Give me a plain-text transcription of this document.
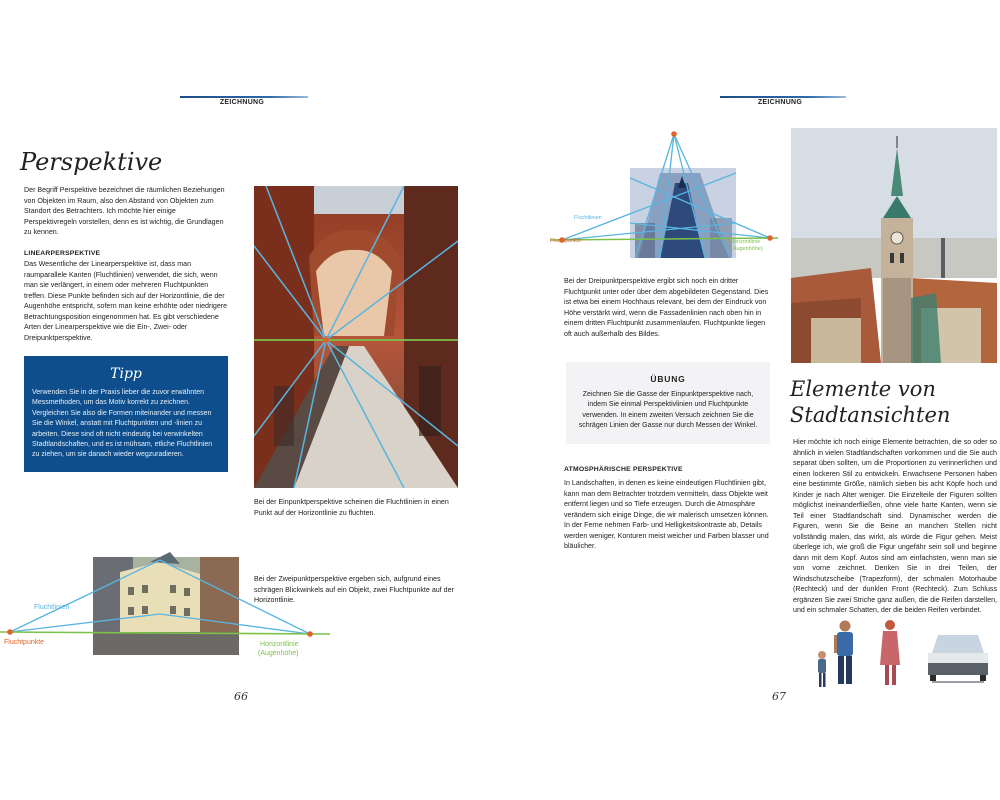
ZEICHNUNG
Perspektive
Der Begriff Perspektive bezeichnet die räumlichen Beziehungen von Objekten im Raum, also den Abstand von Objekten zum Standort des Betrachters. Ich möchte hier einige Perspektivregeln vorstellen, denn es ist wichtig, die Grundlagen zu kennen.
LINEARPERSPEKTIVE
Das Wesentliche der Linearperspektive ist, dass man raumparallele Kanten (Fluchtlinien) verwendet, die sich, wenn man sie verlängert, in einem oder mehreren Fluchtpunkten treffen. Diese Punkte befinden sich auf der Horizontlinie, die der Augenhöhe entspricht, sofern man keine erhöhte oder niedrigere Betrachtungsposition eingenommen hat. Es gibt verschiedene Arten der Linearperspektive wie die Ein-, Zwei- oder Dreipunktperspektive.
Tipp
Verwenden Sie in der Praxis lieber die zuvor erwähnten Messmethoden, um das Motiv korrekt zu zeichnen. Vergleichen Sie also die Formen miteinander und messen Sie die Winkel, anstatt mit Fluchtpunkten und -linien zu arbeiten. Diese sind oft nicht eindeutig bei verwinkelten Stadtlandschaften, und es ist mühsam, etliche Fluchtlinien zu ziehen, um sie danach wieder wegzuradieren.
Bei der Einpunktperspektive scheinen die Fluchtlinien in einen Punkt auf der Horizontlinie zu fluchten.
Fluchtlinien
Fluchtpunkte	Horizontlinie
(Augenhöhe)
Bei der Zweipunktperspektive ergeben sich, aufgrund eines schrägen Blickwinkels auf ein Objekt, zwei Fluchtpunkte auf der Horizontlinie.
66
ZEICHNUNG
Fluchtlinien
Fluchtpunkte	Horizontlinie
(Augenhöhe)
Bei der Dreipunktperspektive ergibt sich noch ein dritter Fluchtpunkt unter oder über dem abgebildeten Gegenstand. Dies ist etwa bei einem Hochhaus relevant, bei dem der Eindruck von Höhe verstärkt wird, wenn die Fassadenlinien nach oben hin in einem dritten Fluchtpunkt zusammenlaufen. Fluchtpunkte liegen oft auch außerhalb des Bildes.
ÜBUNG
Zeichnen Sie die Gasse der Einpunktperspektive nach, indem Sie einmal Perspektivlinien und Fluchtpunkte verwenden. In einem zweiten Versuch zeichnen Sie die schrägen Linien der Gasse nur durch Messen der Winkel.
ATMOSPHÄRISCHE PERSPEKTIVE
In Landschaften, in denen es keine eindeutigen Fluchtlinien gibt, kann man dem Betrachter trotzdem vermitteln, dass Objekte weit entfernt liegen und so Tiefe erzeugen. Durch die Atmosphäre verändern sich einige Dinge, die wir malerisch umsetzen können. In der Ferne nehmen Farb- und Helligkeitskontraste ab, Details werden weniger, Konturen meist weicher und Farben blasser und bläulicher.
Elemente von Stadtansichten
Hier möchte ich noch einige Elemente betrachten, die so oder so ähnlich in vielen Stadtlandschaften vorkommen und die Sie auch separat üben sollten, um die Proportionen zu verinnerlichen und einen lockeren Stil zu entwickeln. Erwachsene Personen haben eine bestimmte Größe, nämlich sieben bis acht Köpfe hoch und Kinder je nach Alter weniger. Die Einzelteile der Figuren sollten möglichst ineinanderfließen, ohne viele harte Kanten, wenn sie Teil einer Stadtlandschaft sind. Dynamischer werden die Figuren, wenn Sie die Beine an manchen Stellen nicht vollständig malen, das wirkt, als würde die Figur gehen. Meist überlege ich, wie groß die Figur ungefähr sein soll und beginne dann mit dem Kopf. Autos sind am einfachsten, wenn man sie von vorne zeichnet. Denken Sie in drei Teilen, der Windschutzscheibe (Trapezform), der schmalen Motorhaube (Rechteck) und der dunklen Front (Rechteck). Zum Schluss ergänzen Sie zwei Striche ganz außen, die die Reifen darstellen, und ein schmaler Schatten, der die beiden Reifen verbindet.
67
